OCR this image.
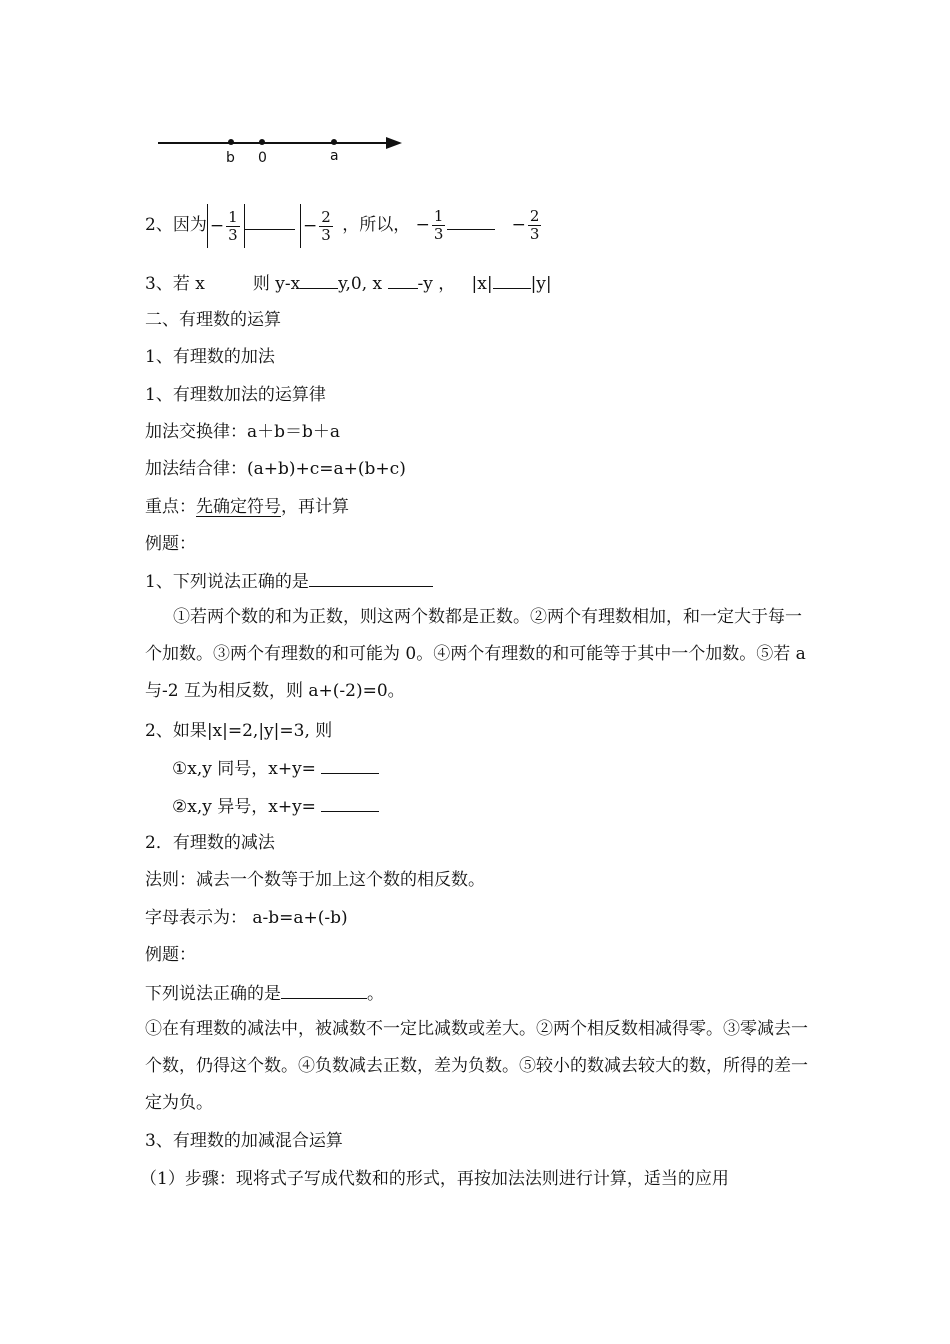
b 0	a
2、因为 − $\frac{1}{3}$	− $\frac{2}{3}$ ，所以， − $\frac{1}{3}$	− $\frac{2}{3}$
3、若 x	则 y-x y,0, x -y ， |x| |y|
二、有理数的运算
1、有理数的加法
1、有理数加法的运算律
加法交换律：a＋b＝b＋a
加法结合律：(a+b)+c=a+(b+c)
重点：先确定符号，再计算
例题：
1、下列说法正确的是
①若两个数的和为正数，则这两个数都是正数。②两个有理数相加，和一定大于每一个加数。③两个有理数的和可能为 0。④两个有理数的和可能等于其中一个加数。⑤若 a 与-2 互为相反数，则 a+(-2)=0。
2、如果|x|=2,|y|=3, 则
①x,y 同号，x+y=
②x,y 异号，x+y=
2．有理数的减法
法则：减去一个数等于加上这个数的相反数。
字母表示为： a-b=a+(-b)
例题：
下列说法正确的是	。
①在有理数的减法中，被减数不一定比减数或差大。②两个相反数相减得零。③零减去一个数，仍得这个数。④负数减去正数，差为负数。⑤较小的数减去较大的数，所得的差一定为负。
3、有理数的加减混合运算
（1）步骤：现将式子写成代数和的形式，再按加法法则进行计算，适当的应用
